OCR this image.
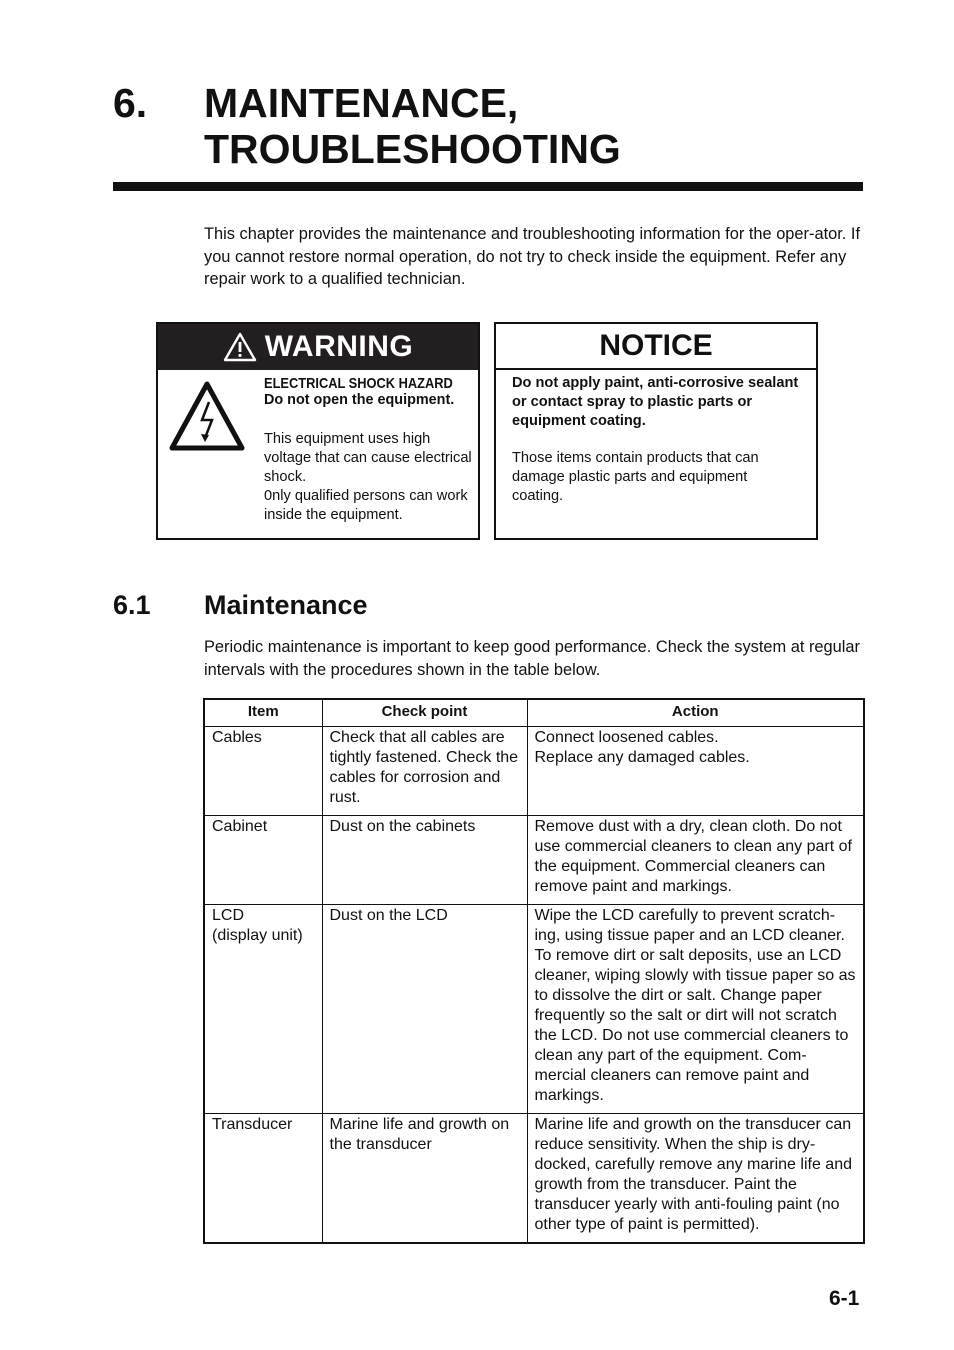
6. MAINTENANCE,
TROUBLESHOOTING
This chapter provides the maintenance and troubleshooting information for the oper-ator. If you cannot restore normal operation, do not try to check inside the equipment. Refer any repair work to a qualified technician.
WARNING
ELECTRICAL SHOCK HAZARD
Do not open the equipment.
This equipment uses high voltage that can cause electrical shock.
0nly qualified persons can work inside the equipment.
NOTICE
Do not apply paint, anti-corrosive sealant or contact spray to plastic parts or equipment coating.
Those items contain products that can damage plastic parts and equipment coating.
6.1 Maintenance
Periodic maintenance is important to keep good performance. Check the system at regular intervals with the procedures shown in the table below.
Item	Check point	Action
Cables	Check that all cables are tightly fastened. Check the cables for corrosion and rust.	Connect loosened cables.
Replace any damaged cables.
Cabinet	Dust on the cabinets	Remove dust with a dry, clean cloth. Do not use commercial cleaners to clean any part of the equipment. Commercial cleaners can remove paint and markings.
LCD
(display unit)	Dust on the LCD	Wipe the LCD carefully to prevent scratch-ing, using tissue paper and an LCD cleaner. To remove dirt or salt deposits, use an LCD cleaner, wiping slowly with tissue paper so as to dissolve the dirt or salt. Change paper frequently so the salt or dirt will not scratch the LCD. Do not use commercial cleaners to clean any part of the equipment. Com-mercial cleaners can remove paint and markings.
Transducer	Marine life and growth on the transducer	Marine life and growth on the transducer can reduce sensitivity. When the ship is dry-docked, carefully remove any marine life and growth from the transducer. Paint the transducer yearly with anti-fouling paint (no other type of paint is permitted).
6-1
